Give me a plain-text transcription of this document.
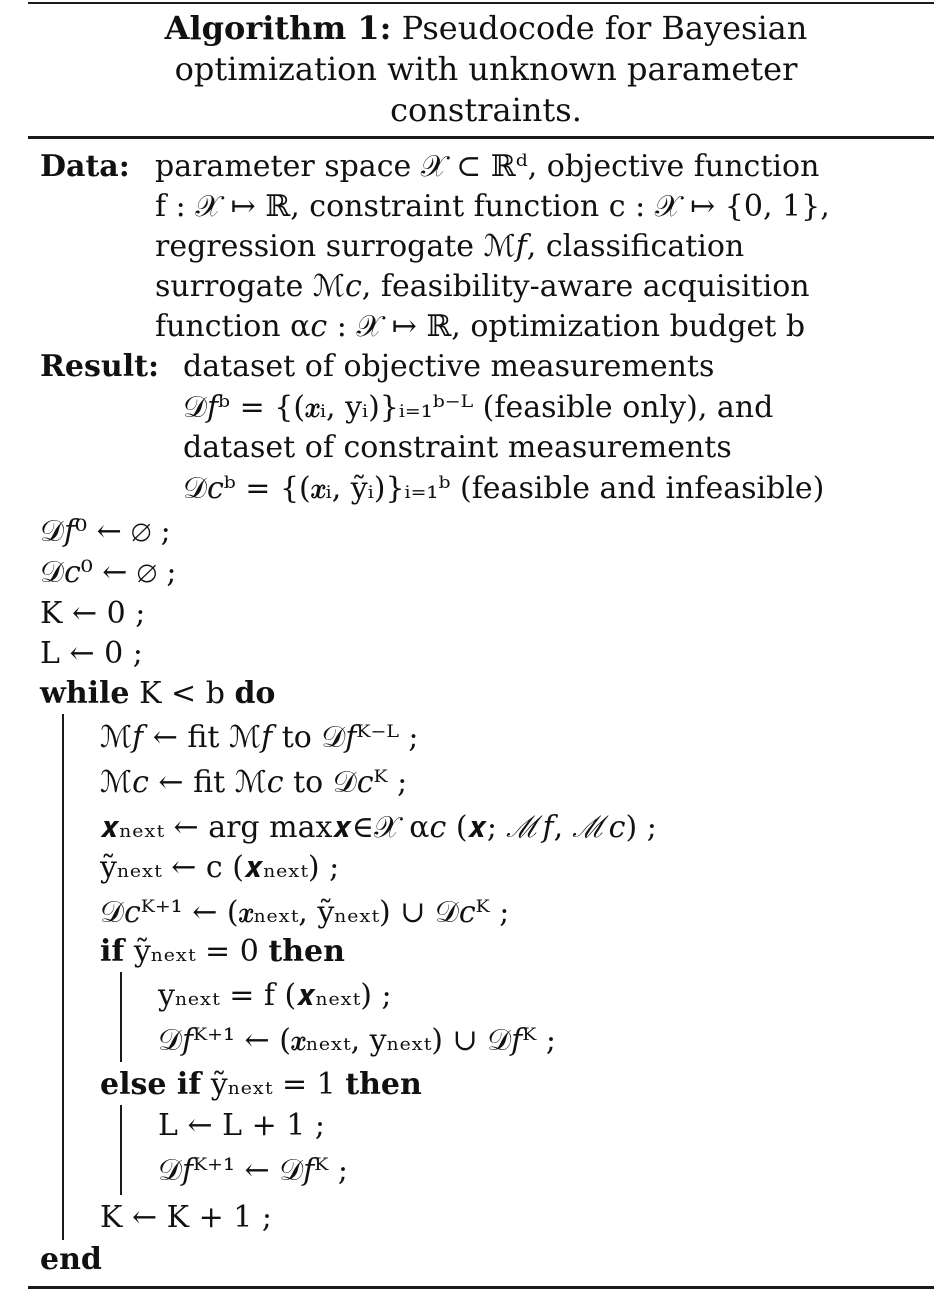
Algorithm 1: Pseudocode for Bayesian
optimization with unknown parameter
constraints.
Data: parameter space 𝒳 ⊂ ℝᵈ, objective function
f : 𝒳 ↦ ℝ, constraint function c : 𝒳 ↦ {0, 1},
regression surrogate ℳ𝑓, classification
surrogate ℳ𝑐, feasibility-aware acquisition
function α𝑐 : 𝒳 ↦ ℝ, optimization budget b
Result: dataset of objective measurements
𝒟𝑓ᵇ = {(𝒙ᵢ, yᵢ)}ᵢ₌₁ᵇ⁻ᴸ (feasible only), and
dataset of constraint measurements
𝒟𝑐ᵇ = {(𝒙ᵢ, ỹᵢ)}ᵢ₌₁ᵇ (feasible and infeasible)
𝒟𝑓⁰ ← ∅ ;
𝒟𝑐⁰ ← ∅ ;
K ← 0 ;
L ← 0 ;
while K < b do
ℳ𝑓 ← fit ℳ𝑓 to 𝒟𝑓ᴷ⁻ᴸ ;
ℳ𝑐 ← fit ℳ𝑐 to 𝒟𝑐ᴷ ;
𝒙ₙₑₓₜ ← arg max𝒙∈𝒳 α𝑐 (𝒙; ℳ𝑓, ℳ𝑐) ;
ỹₙₑₓₜ ← c (𝒙ₙₑₓₜ) ;
𝒟𝑐ᴷ⁺¹ ← (𝒙ₙₑₓₜ, ỹₙₑₓₜ) ∪ 𝒟𝑐ᴷ ;
if ỹₙₑₓₜ = 0 then
yₙₑₓₜ = f (𝒙ₙₑₓₜ) ;
𝒟𝑓ᴷ⁺¹ ← (𝒙ₙₑₓₜ, yₙₑₓₜ) ∪ 𝒟𝑓ᴷ ;
else if ỹₙₑₓₜ = 1 then
L ← L + 1 ;
𝒟𝑓ᴷ⁺¹ ← 𝒟𝑓ᴷ ;
K ← K + 1 ;
end
